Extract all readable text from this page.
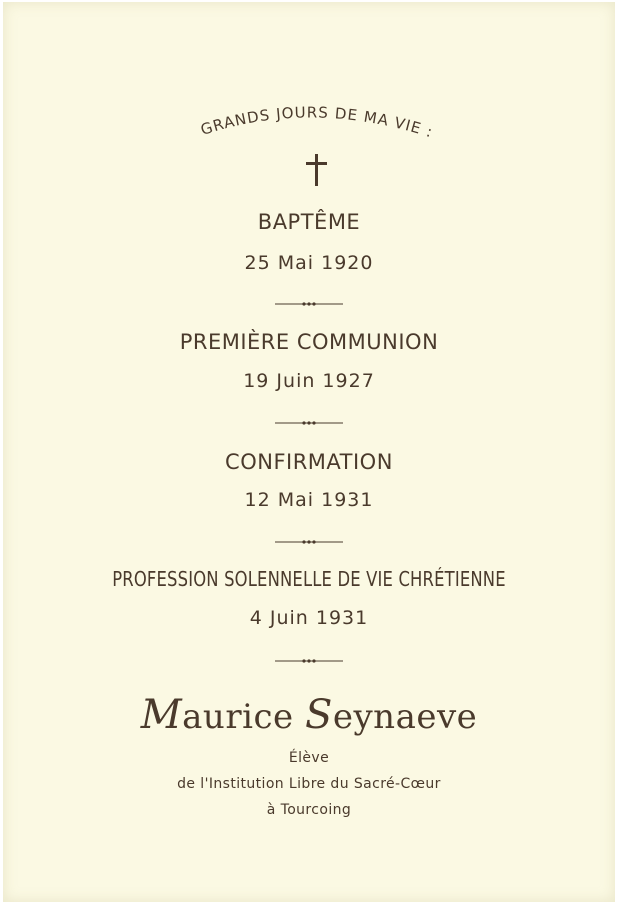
GRANDS JOURS DE MA VIE :
BAPTÊME
25 Mai 1920
PREMIÈRE COMMUNION
19 Juin 1927
CONFIRMATION
12 Mai 1931
PROFESSION SOLENNELLE DE VIE CHRÉTIENNE
4 Juin 1931
Maurice Seynaeve
Élève
de l'Institution Libre du Sacré-Cœur
à Tourcoing
